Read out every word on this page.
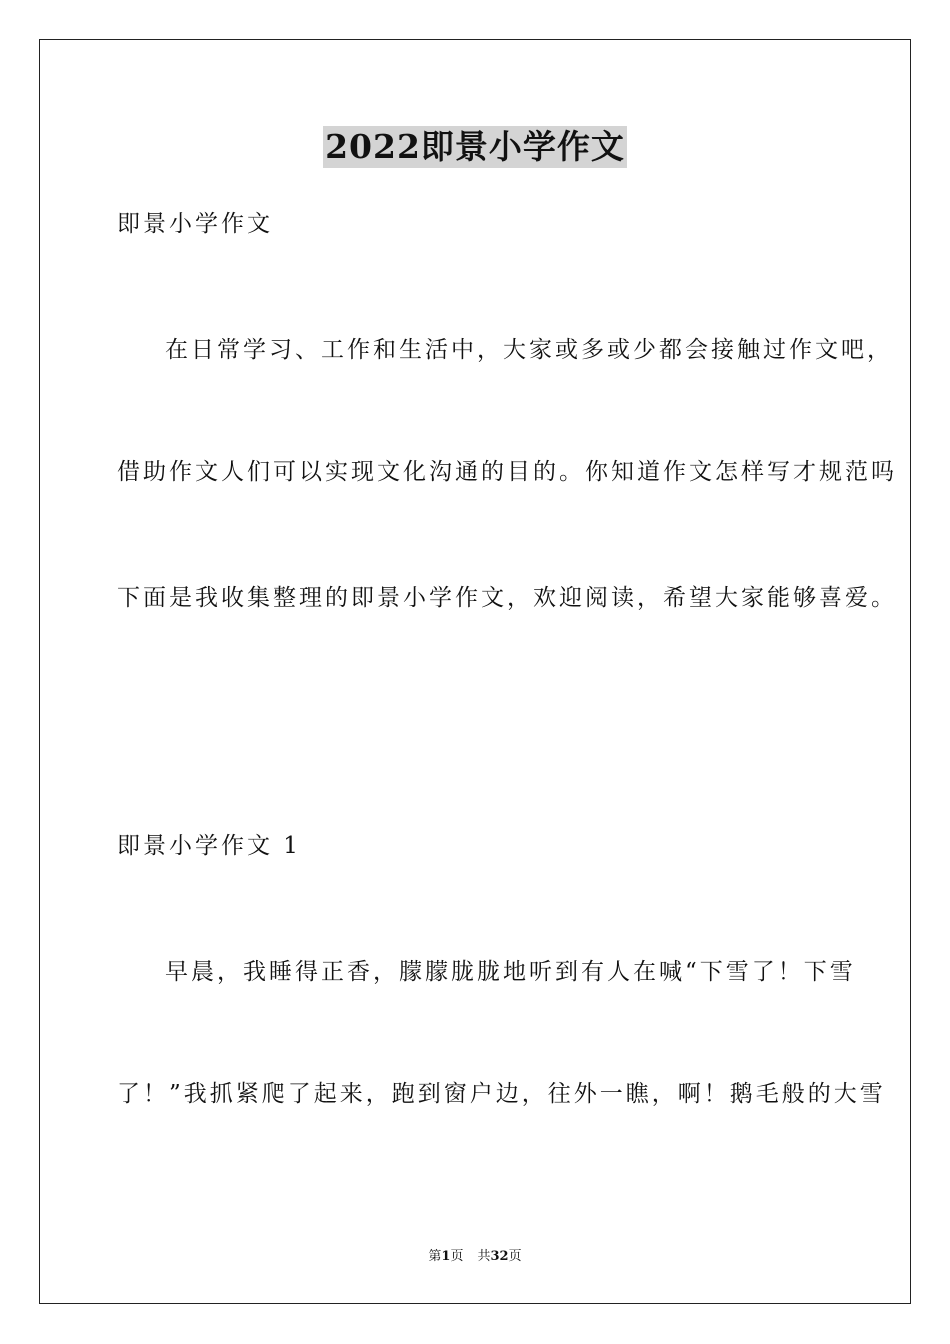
2022即景小学作文

即景小学作文

在日常学习、工作和生活中，大家或多或少都会接触过作文吧，

借助作文人们可以实现文化沟通的目的。你知道作文怎样写才规范吗

下面是我收集整理的即景小学作文，欢迎阅读，希望大家能够喜爱。

即景小学作文 1

早晨，我睡得正香，朦朦胧胧地听到有人在喊“下雪了！下雪

了！”我抓紧爬了起来，跑到窗户边，往外一瞧，啊！鹅毛般的大雪

第1页 共32页
